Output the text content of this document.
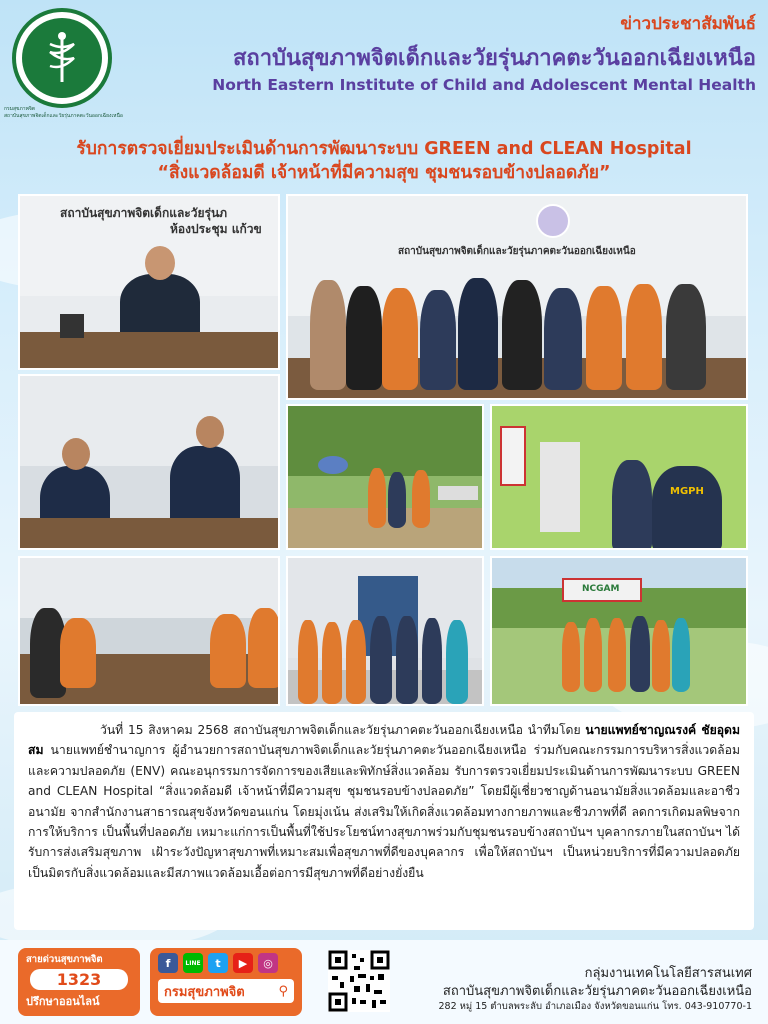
กรมสุขภาพจิต
สถาบันสุขภาพจิตเด็กและวัยรุ่นภาคตะวันออกเฉียงเหนือ
ข่าวประชาสัมพันธ์
สถาบันสุขภาพจิตเด็กและวัยรุ่นภาคตะวันออกเฉียงเหนือ
North Eastern Institute of Child and Adolescent Mental Health
รับการตรวจเยี่ยมประเมินด้านการพัฒนาระบบ GREEN and CLEAN Hospital
“สิ่งแวดล้อมดี เจ้าหน้าที่มีความสุข ชุมชนรอบข้างปลอดภัย”
สถาบันสุขภาพจิตเด็กและวัยรุ่นภ
ห้องประชุม แก้วข
สถาบันสุขภาพจิตเด็กและวัยรุ่นภาคตะวันออกเฉียงเหนือ
MGPH
NCGAM

วันที่ 15 สิงหาคม 2568 สถาบันสุขภาพจิตเด็กและวัยรุ่นภาคตะวันออกเฉียงเหนือ นำทีมโดย นายแพทย์ชาญณรงค์ ชัยอุดมสม นายแพทย์ชำนาญการ ผู้อำนวยการสถาบันสุขภาพจิตเด็กและวัยรุ่นภาคตะวันออกเฉียงเหนือ ร่วมกับคณะกรรมการบริหารสิ่งแวดล้อมและความปลอดภัย (ENV) คณะอนุกรรมการจัดการของเสียและพิทักษ์สิ่งแวดล้อม รับการตรวจเยี่ยมประเมินด้านการพัฒนาระบบ GREEN and CLEAN Hospital “สิ่งแวดล้อมดี เจ้าหน้าที่มีความสุข ชุมชนรอบข้างปลอดภัย” โดยมีผู้เชี่ยวชาญด้านอนามัยสิ่งแวดล้อมและอาชีวอนามัย จากสำนักงานสาธารณสุขจังหวัดขอนแก่น โดยมุ่งเน้น ส่งเสริมให้เกิดสิ่งแวดล้อมทางกายภาพและชีวภาพที่ดี ลดการเกิดมลพิษจากการให้บริการ เป็นพื้นที่ปลอดภัย เหมาะแก่การเป็นพื้นที่ใช้ประโยชน์ทางสุขภาพร่วมกับชุมชนรอบข้างสถาบันฯ บุคลากรภายในสถาบันฯ ได้รับการส่งเสริมสุขภาพ เฝ้าระวังปัญหาสุขภาพที่เหมาะสมเพื่อสุขภาพที่ดีของบุคลากร เพื่อให้สถาบันฯ เป็นหน่วยบริการที่มีความปลอดภัย เป็นมิตรกับสิ่งแวดล้อมและมีสภาพแวดล้อมเอื้อต่อการมีสุขภาพที่ดีอย่างยั่งยืน

สายด่วนสุขภาพจิต
1323
ปรึกษาออนไลน์
f	LINE	t	▶	◎
กรมสุขภาพจิต	⚲
กลุ่มงานเทคโนโลยีสารสนเทศ
สถาบันสุขภาพจิตเด็กและวัยรุ่นภาคตะวันออกเฉียงเหนือ
282 หมู่ 15 ตำบลพระลับ อำเภอเมือง จังหวัดขอนแก่น โทร. 043-910770-1
